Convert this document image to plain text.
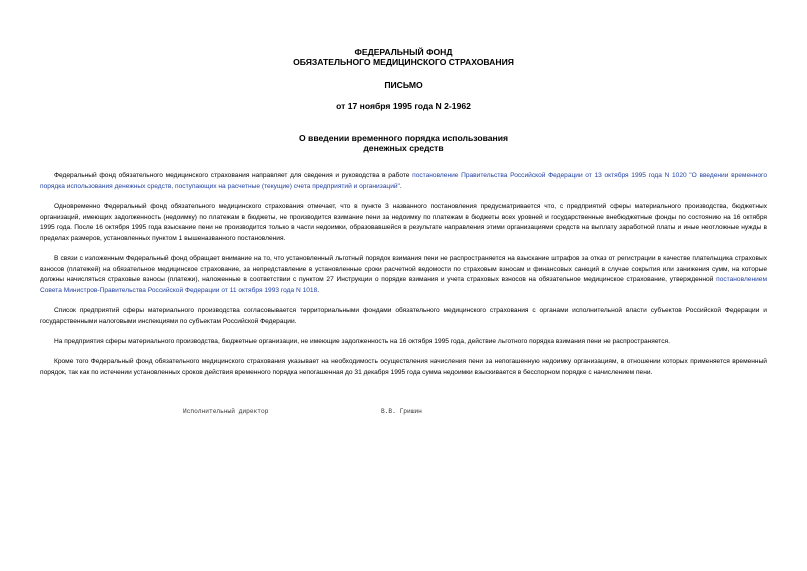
ФЕДЕРАЛЬНЫЙ ФОНД
ОБЯЗАТЕЛЬНОГО МЕДИЦИНСКОГО СТРАХОВАНИЯ
ПИСЬМО
от 17 ноября 1995 года N 2-1962
О введении временного порядка использования
денежных средств
Федеральный фонд обязательного медицинского страхования направляет для сведения и руководства в работе постановление Правительства Российской Федерации от 13 октября 1995 года N 1020 "О введении временного порядка использования денежных средств, поступающих на расчетные (текущие) счета предприятий и организаций".
Одновременно Федеральный фонд обязательного медицинского страхования отмечает, что в пункте 3 названного постановления предусматривается что, с предприятий сферы материального производства, бюджетных организаций, имеющих задолженность (недоимку) по платежам в бюджеты, не производится взимание пени за недоимку по платежам в бюджеты всех уровней и государственные внебюджетные фонды по состоянию на 16 октября 1995 года. После 16 октября 1995 года взыскание пени не производится только в части недоимки, образовавшейся в результате направления этими организациями средств на выплату заработной платы и иные неотложные нужды в пределах размеров, установленных пунктом 1 вышеназванного постановления.
В связи с изложенным Федеральный фонд обращает внимание на то, что установленный льготный порядок взимания пени не распространяется на взыскание штрафов за отказ от регистрации в качестве плательщика страховых взносов (платежей) на обязательное медицинское страхование, за непредставление в установленные сроки расчетной ведомости по страховым взносам и финансовых санкций в случае сокрытия или занижения сумм, на которые должны начисляться страховые взносы (платежи), наложенные в соответствии с пунктом 27 Инструкции о порядке взимания и учета страховых взносов на обязательное медицинское страхование, утвержденной постановлением Совета Министров-Правительства Российской Федерации от 11 октября 1993 года N 1018.
Список предприятий сферы материального производства согласовывается территориальными фондами обязательного медицинского страхования с органами исполнительной власти субъектов Российской Федерации и государственными налоговыми инспекциями по субъектам Российской Федерации.
На предприятия сферы материального производства, бюджетные организации, не имеющие задолженность на 16 октября 1995 года, действие льготного порядка взимания пени не распространяется.
Кроме того Федеральный фонд обязательного медицинского страхования указывает на необходимость осуществления начисления пени за непогашенную недоимку организациям, в отношении которых применяется временный порядок, так как по истечении установленных сроков действия временного порядка непогашенная до 31 декабря 1995 года сумма недоимки взыскивается в бесспорном порядке с начислением пени.
Исполнительный директор	В.В. Гришин
